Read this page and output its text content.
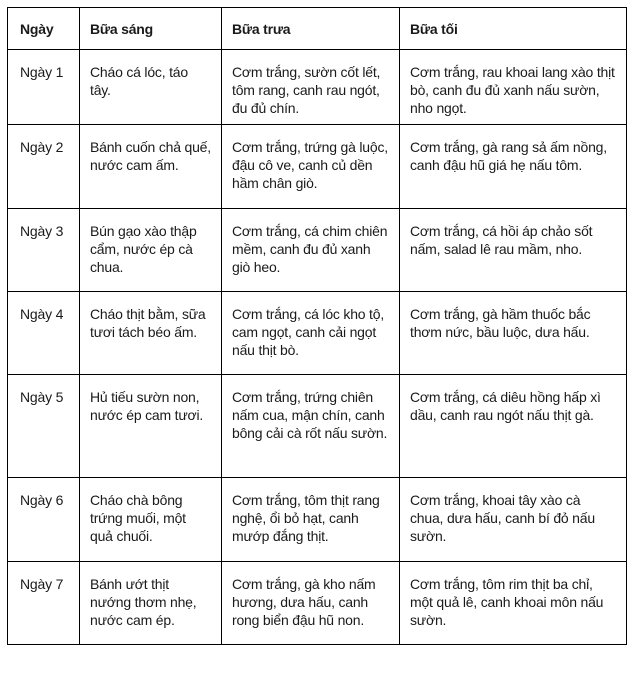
Ngày	Bữa sáng	Bữa trưa	Bữa tối
Ngày 1	Cháo cá lóc, táo tây.	Cơm trắng, sườn cốt lết, tôm rang, canh rau ngót, đu đủ chín.	Cơm trắng, rau khoai lang xào thịt bò, canh đu đủ xanh nấu sườn, nho ngọt.
Ngày 2	Bánh cuốn chả quế, nước cam ấm.	Cơm trắng, trứng gà luộc, đậu cô ve, canh củ dền hầm chân giò.	Cơm trắng, gà rang sả ấm nồng, canh đậu hũ giá hẹ nấu tôm.
Ngày 3	Bún gạo xào thập cẩm, nước ép cà chua.	Cơm trắng, cá chim chiên mềm, canh đu đủ xanh giò heo.	Cơm trắng, cá hồi áp chảo sốt nấm, salad lê rau mầm, nho.
Ngày 4	Cháo thịt bằm, sữa tươi tách béo ấm.	Cơm trắng, cá lóc kho tộ, cam ngọt, canh cải ngọt nấu thịt bò.	Cơm trắng, gà hầm thuốc bắc thơm nức, bầu luộc, dưa hấu.
Ngày 5	Hủ tiếu sườn non, nước ép cam tươi.	Cơm trắng, trứng chiên nấm cua, mận chín, canh bông cải cà rốt nấu sườn.	Cơm trắng, cá diêu hồng hấp xì dầu, canh rau ngót nấu thịt gà.
Ngày 6	Cháo chà bông trứng muối, một quả chuối.	Cơm trắng, tôm thịt rang nghệ, ổi bỏ hạt, canh mướp đắng thịt.	Cơm trắng, khoai tây xào cà chua, dưa hấu, canh bí đỏ nấu sườn.
Ngày 7	Bánh ướt thịt nướng thơm nhẹ, nước cam ép.	Cơm trắng, gà kho nấm hương, dưa hấu, canh rong biển đậu hũ non.	Cơm trắng, tôm rim thịt ba chỉ, một quả lê, canh khoai môn nấu sườn.
